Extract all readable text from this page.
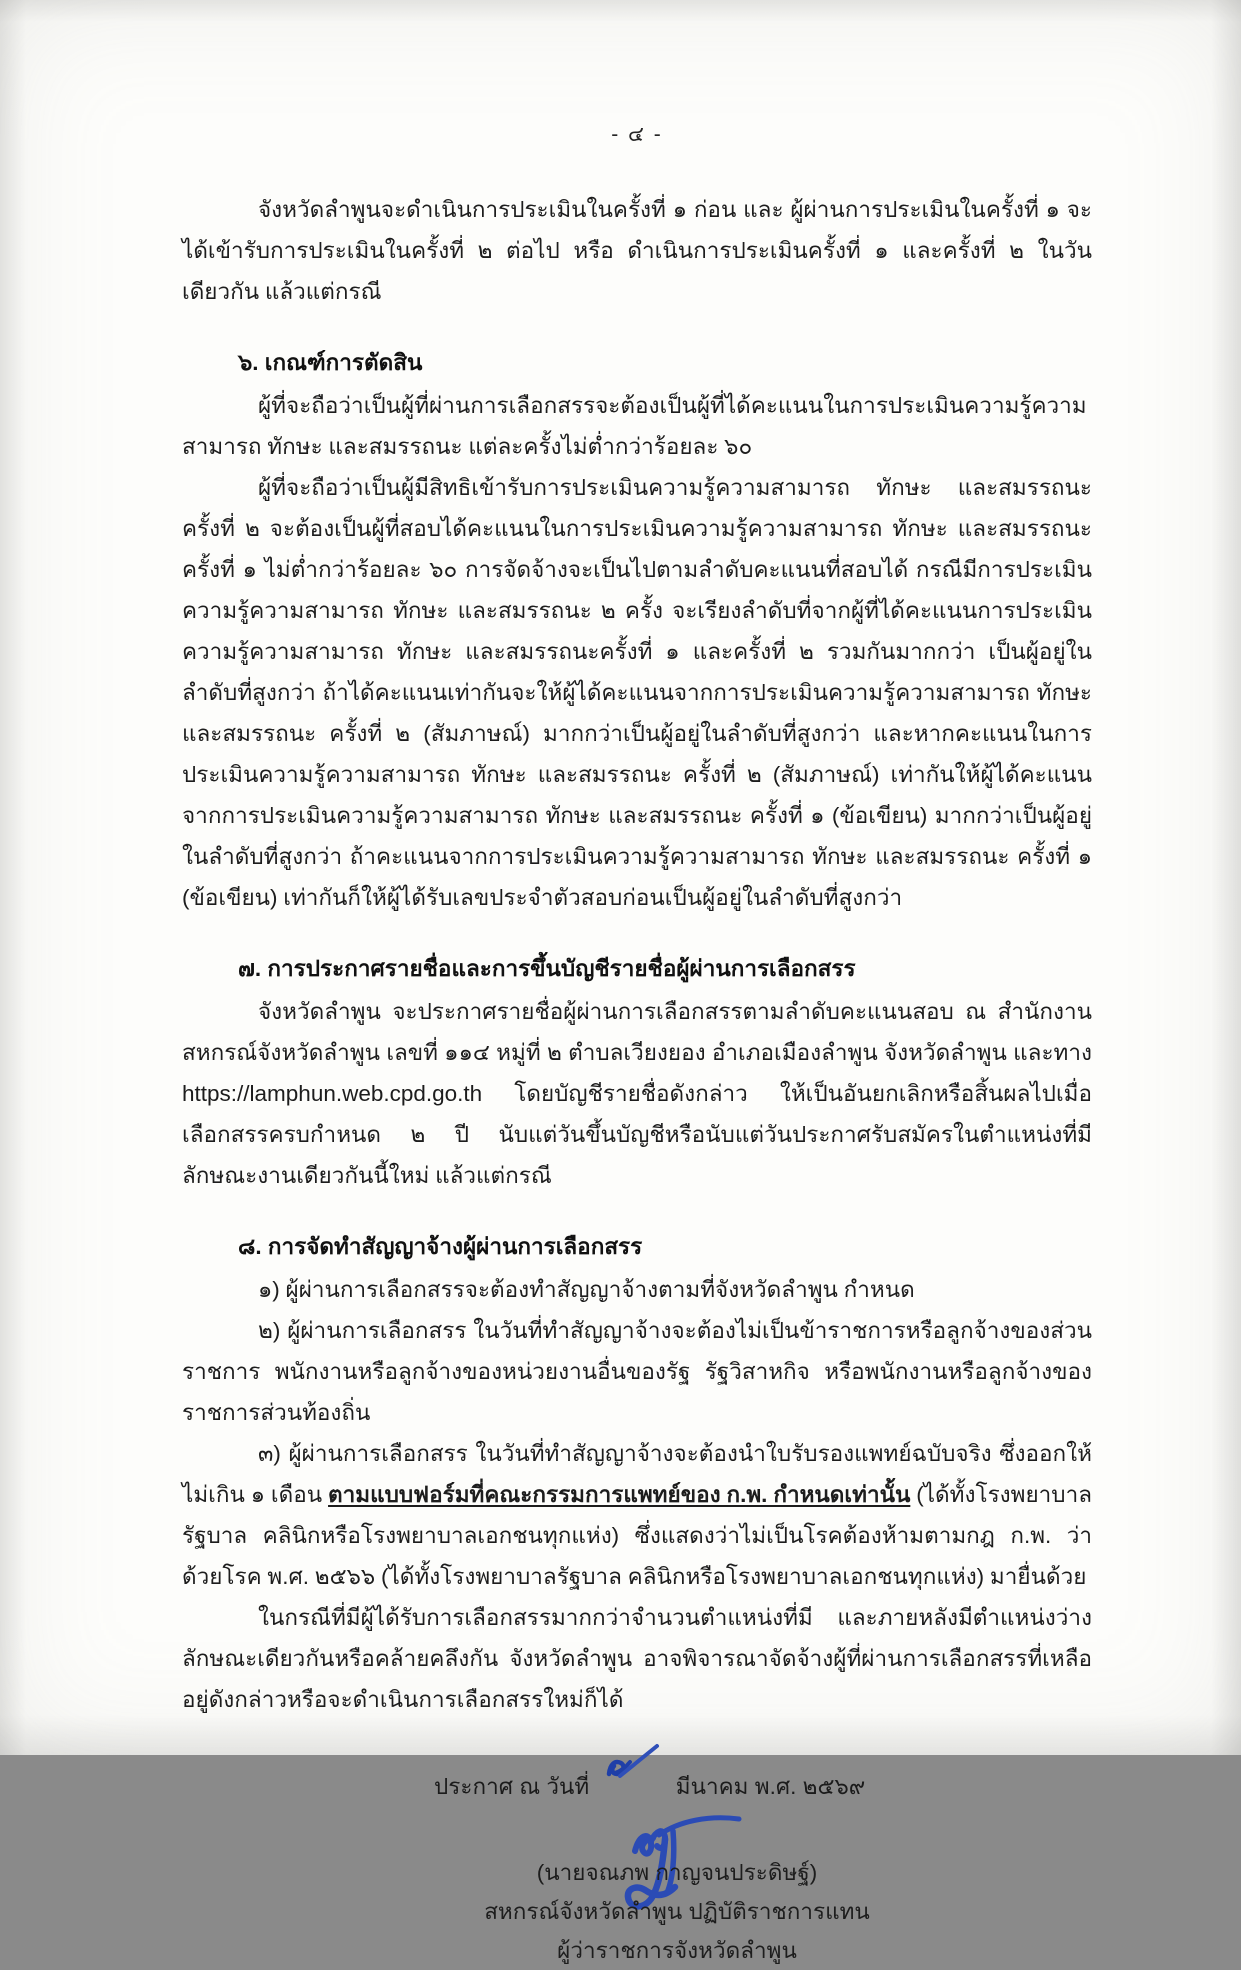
- ๔ -

จังหวัดลำพูนจะดำเนินการประเมินในครั้งที่ ๑ ก่อน และ ผู้ผ่านการประเมินในครั้งที่ ๑ จะได้เข้ารับการประเมินในครั้งที่ ๒ ต่อไป หรือ ดำเนินการประเมินครั้งที่ ๑ และครั้งที่ ๒ ในวันเดียวกัน แล้วแต่กรณี

๖. เกณฑ์การตัดสิน

ผู้ที่จะถือว่าเป็นผู้ที่ผ่านการเลือกสรรจะต้องเป็นผู้ที่ได้คะแนนในการประเมินความรู้ความสามารถ ทักษะ และสมรรถนะ แต่ละครั้งไม่ต่ำกว่าร้อยละ ๖๐

ผู้ที่จะถือว่าเป็นผู้มีสิทธิเข้ารับการประเมินความรู้ความสามารถ ทักษะ และสมรรถนะ ครั้งที่ ๒ จะต้องเป็นผู้ที่สอบได้คะแนนในการประเมินความรู้ความสามารถ ทักษะ และสมรรถนะครั้งที่ ๑ ไม่ต่ำกว่าร้อยละ ๖๐ การจัดจ้างจะเป็นไปตามลำดับคะแนนที่สอบได้ กรณีมีการประเมินความรู้ความสามารถ ทักษะ และสมรรถนะ ๒ ครั้ง จะเรียงลำดับที่จากผู้ที่ได้คะแนนการประเมินความรู้ความสามารถ ทักษะ และสมรรถนะครั้งที่ ๑ และครั้งที่ ๒ รวมกันมากกว่า เป็นผู้อยู่ในลำดับที่สูงกว่า ถ้าได้คะแนนเท่ากันจะให้ผู้ได้คะแนนจากการประเมินความรู้ความสามารถ ทักษะ และสมรรถนะ ครั้งที่ ๒ (สัมภาษณ์) มากกว่าเป็นผู้อยู่ในลำดับที่สูงกว่า และหากคะแนนในการประเมินความรู้ความสามารถ ทักษะ และสมรรถนะ ครั้งที่ ๒ (สัมภาษณ์) เท่ากันให้ผู้ได้คะแนนจากการประเมินความรู้ความสามารถ ทักษะ และสมรรถนะ ครั้งที่ ๑ (ข้อเขียน) มากกว่าเป็นผู้อยู่ในลำดับที่สูงกว่า ถ้าคะแนนจากการประเมินความรู้ความสามารถ ทักษะ และสมรรถนะ ครั้งที่ ๑ (ข้อเขียน) เท่ากันก็ให้ผู้ได้รับเลขประจำตัวสอบก่อนเป็นผู้อยู่ในลำดับที่สูงกว่า

๗. การประกาศรายชื่อและการขึ้นบัญชีรายชื่อผู้ผ่านการเลือกสรร

จังหวัดลำพูน จะประกาศรายชื่อผู้ผ่านการเลือกสรรตามลำดับคะแนนสอบ ณ สำนักงานสหกรณ์จังหวัดลำพูน เลขที่ ๑๑๔ หมู่ที่ ๒ ตำบลเวียงยอง อำเภอเมืองลำพูน จังหวัดลำพูน และทาง https://lamphun.web.cpd.go.th โดยบัญชีรายชื่อดังกล่าว ให้เป็นอันยกเลิกหรือสิ้นผลไปเมื่อเลือกสรรครบกำหนด ๒ ปี นับแต่วันขึ้นบัญชีหรือนับแต่วันประกาศรับสมัครในตำแหน่งที่มีลักษณะงานเดียวกันนี้ใหม่ แล้วแต่กรณี

๘. การจัดทำสัญญาจ้างผู้ผ่านการเลือกสรร

๑) ผู้ผ่านการเลือกสรรจะต้องทำสัญญาจ้างตามที่จังหวัดลำพูน กำหนด

๒) ผู้ผ่านการเลือกสรร ในวันที่ทำสัญญาจ้างจะต้องไม่เป็นข้าราชการหรือลูกจ้างของส่วนราชการ พนักงานหรือลูกจ้างของหน่วยงานอื่นของรัฐ รัฐวิสาหกิจ หรือพนักงานหรือลูกจ้างของราชการส่วนท้องถิ่น

๓) ผู้ผ่านการเลือกสรร ในวันที่ทำสัญญาจ้างจะต้องนำใบรับรองแพทย์ฉบับจริง ซึ่งออกให้ไม่เกิน ๑ เดือน ตามแบบฟอร์มที่คณะกรรมการแพทย์ของ ก.พ. กำหนดเท่านั้น (ได้ทั้งโรงพยาบาลรัฐบาล คลินิกหรือโรงพยาบาลเอกชนทุกแห่ง) ซึ่งแสดงว่าไม่เป็นโรคต้องห้ามตามกฎ ก.พ. ว่าด้วยโรค พ.ศ. ๒๕๖๖ (ได้ทั้งโรงพยาบาลรัฐบาล คลินิกหรือโรงพยาบาลเอกชนทุกแห่ง) มายื่นด้วย

ในกรณีที่มีผู้ได้รับการเลือกสรรมากกว่าจำนวนตำแหน่งที่มี และภายหลังมีตำแหน่งว่างลักษณะเดียวกันหรือคล้ายคลึงกัน จังหวัดลำพูน อาจพิจารณาจัดจ้างผู้ที่ผ่านการเลือกสรรที่เหลืออยู่ดังกล่าวหรือจะดำเนินการเลือกสรรใหม่ก็ได้

ประกาศ ณ วันที่	มีนาคม พ.ศ. ๒๕๖๙
(นายจณภพ กาญจนประดิษฐ์)
สหกรณ์จังหวัดลำพูน ปฏิบัติราชการแทน
ผู้ว่าราชการจังหวัดลำพูน
